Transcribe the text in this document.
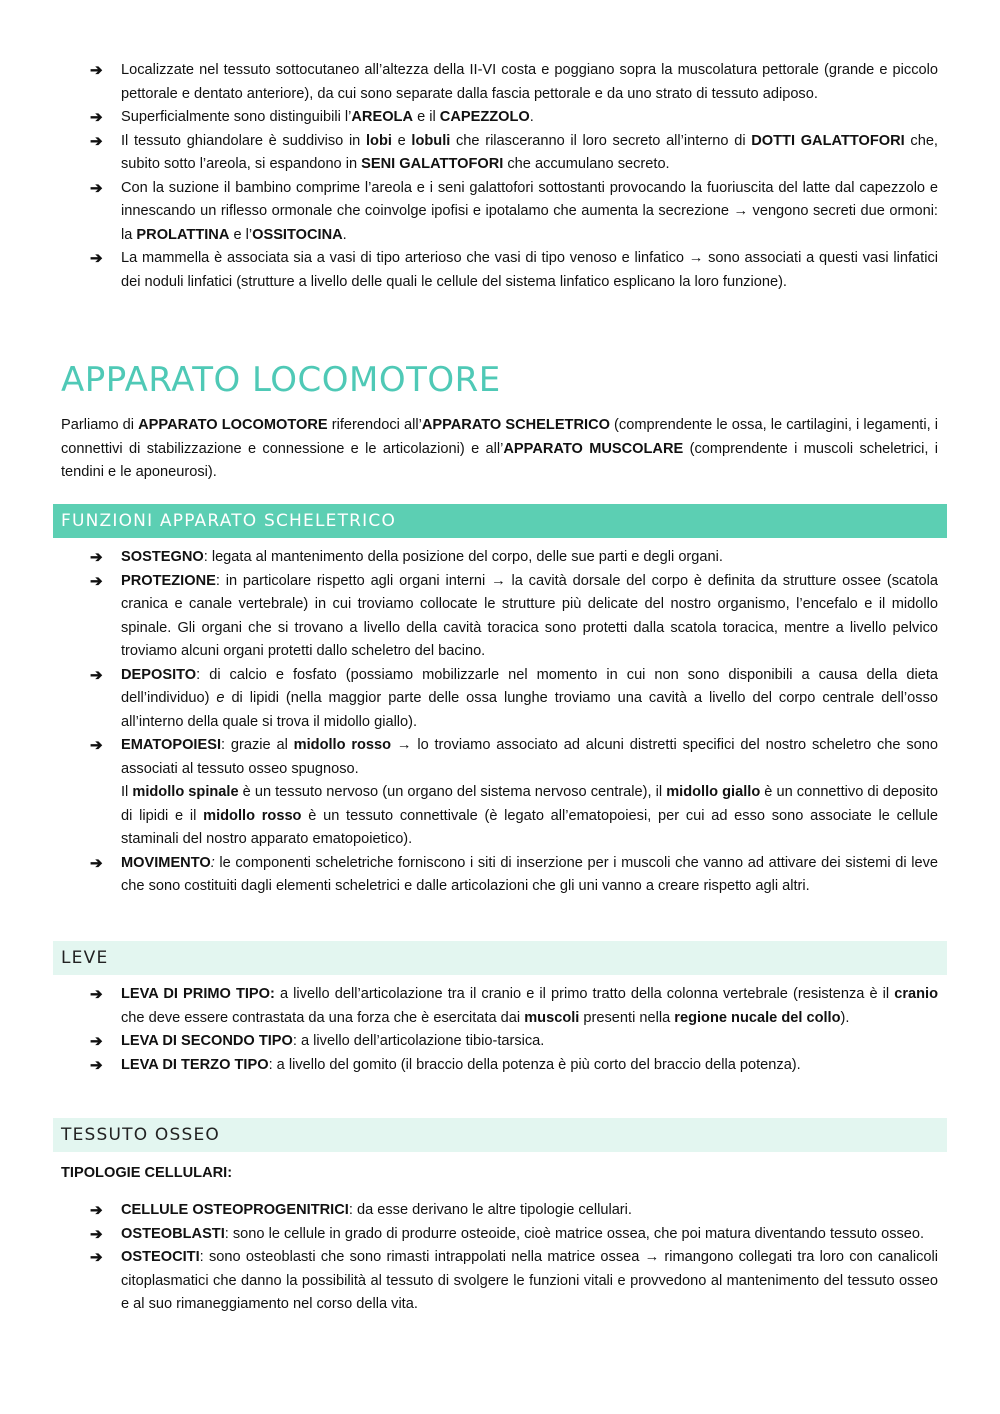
➔ Localizzate nel tessuto sottocutaneo all’altezza della II-VI costa e poggiano sopra la muscolatura pettorale (grande e piccolo pettorale e dentato anteriore), da cui sono separate dalla fascia pettorale e da uno strato di tessuto adiposo.
➔ Superficialmente sono distinguibili l’AREOLA e il CAPEZZOLO.
➔ Il tessuto ghiandolare è suddiviso in lobi e lobuli che rilasceranno il loro secreto all’interno di DOTTI GALATTOFORI che, subito sotto l’areola, si espandono in SENI GALATTOFORI che accumulano secreto.
➔ Con la suzione il bambino comprime l’areola e i seni galattofori sottostanti provocando la fuoriuscita del latte dal capezzolo e innescando un riflesso ormonale che coinvolge ipofisi e ipotalamo che aumenta la secrezione → vengono secreti due ormoni: la PROLATTINA e l’OSSITOCINA.
➔ La mammella è associata sia a vasi di tipo arterioso che vasi di tipo venoso e linfatico → sono associati a questi vasi linfatici dei noduli linfatici (strutture a livello delle quali le cellule del sistema linfatico esplicano la loro funzione).
APPARATO LOCOMOTORE

Parliamo di APPARATO LOCOMOTORE riferendoci all’APPARATO SCHELETRICO (comprendente le ossa, le cartilagini, i legamenti, i connettivi di stabilizzazione e connessione e le articolazioni) e all’APPARATO MUSCOLARE (comprendente i muscoli scheletrici, i tendini e le aponeurosi).

FUNZIONI APPARATO SCHELETRICO
➔ SOSTEGNO: legata al mantenimento della posizione del corpo, delle sue parti e degli organi.
➔ PROTEZIONE: in particolare rispetto agli organi interni → la cavità dorsale del corpo è definita da strutture ossee (scatola cranica e canale vertebrale) in cui troviamo collocate le strutture più delicate del nostro organismo, l’encefalo e il midollo spinale. Gli organi che si trovano a livello della cavità toracica sono protetti dalla scatola toracica, mentre a livello pelvico troviamo alcuni organi protetti dallo scheletro del bacino.
➔ DEPOSITO: di calcio e fosfato (possiamo mobilizzarle nel momento in cui non sono disponibili a causa della dieta dell’individuo) e di lipidi (nella maggior parte delle ossa lunghe troviamo una cavità a livello del corpo centrale dell’osso all’interno della quale si trova il midollo giallo).
➔ EMATOPOIESI: grazie al midollo rosso → lo troviamo associato ad alcuni distretti specifici del nostro scheletro che sono associati al tessuto osseo spugnoso.
Il midollo spinale è un tessuto nervoso (un organo del sistema nervoso centrale), il midollo giallo è un connettivo di deposito di lipidi e il midollo rosso è un tessuto connettivale (è legato all’ematopoiesi, per cui ad esso sono associate le cellule staminali del nostro apparato ematopoietico).
➔ MOVIMENTO: le componenti scheletriche forniscono i siti di inserzione per i muscoli che vanno ad attivare dei sistemi di leve che sono costituiti dagli elementi scheletrici e dalle articolazioni che gli uni vanno a creare rispetto agli altri.
LEVE
➔ LEVA DI PRIMO TIPO: a livello dell’articolazione tra il cranio e il primo tratto della colonna vertebrale (resistenza è il cranio che deve essere contrastata da una forza che è esercitata dai muscoli presenti nella regione nucale del collo).
➔ LEVA DI SECONDO TIPO: a livello dell’articolazione tibio-tarsica.
➔ LEVA DI TERZO TIPO: a livello del gomito (il braccio della potenza è più corto del braccio della potenza).
TESSUTO OSSEO

TIPOLOGIE CELLULARI:

➔ CELLULE OSTEOPROGENITRICI: da esse derivano le altre tipologie cellulari.
➔ OSTEOBLASTI: sono le cellule in grado di produrre osteoide, cioè matrice ossea, che poi matura diventando tessuto osseo.
➔ OSTEOCITI: sono osteoblasti che sono rimasti intrappolati nella matrice ossea → rimangono collegati tra loro con canalicoli citoplasmatici che danno la possibilità al tessuto di svolgere le funzioni vitali e provvedono al mantenimento del tessuto osseo e al suo rimaneggiamento nel corso della vita.
